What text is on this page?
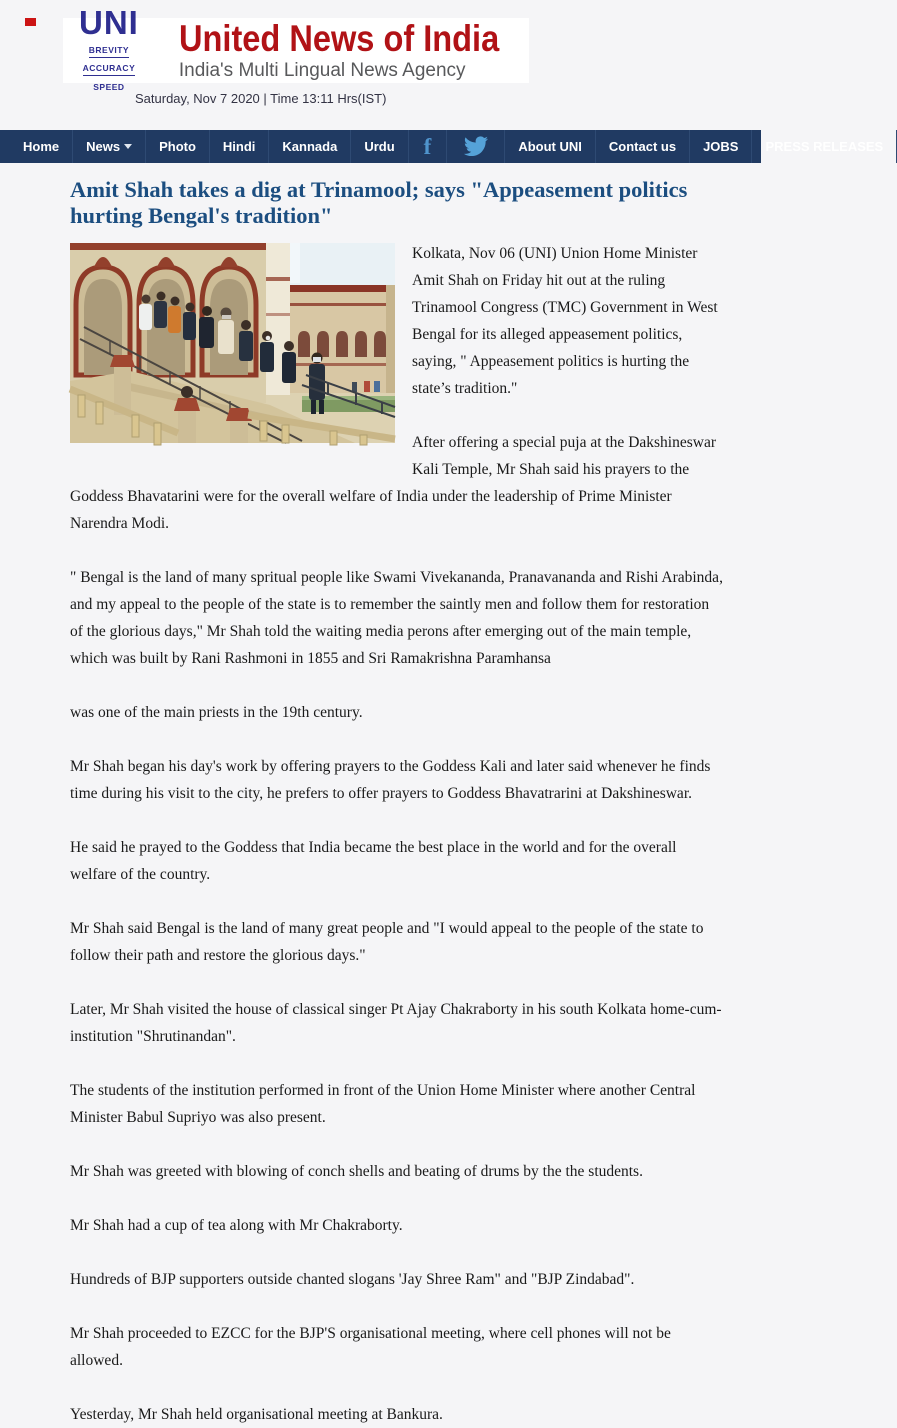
UNI
BREVITY
ACCURACY
SPEED
United News of India
India's Multi Lingual News Agency
Saturday, Nov 7 2020 | Time 13:11 Hrs(IST)
Home News	Photo Hindi Kannada Urdu f	About UNI Contact us JOBS PRESS RELEASES
Amit Shah takes a dig at Trinamool; says "Appeasement politics hurting Bengal's tradition"

Kolkata, Nov 06 (UNI) Union Home Minister Amit Shah on Friday hit out at the ruling Trinamool Congress (TMC) Government in West Bengal for its alleged appeasement politics, saying, " Appeasement politics is hurting the state’s tradition."

After offering a special puja at the Dakshineswar Kali Temple, Mr Shah said his prayers to the Goddess Bhavatarini were for the overall welfare of India under the leadership of Prime Minister Narendra Modi.

" Bengal is the land of many spritual people like Swami Vivekananda, Pranavananda and Rishi Arabinda, and my appeal to the people of the state is to remember the saintly men and follow them for restoration of the glorious days," Mr Shah told the waiting media perons after emerging out of the main temple, which was built by Rani Rashmoni in 1855 and Sri Ramakrishna Paramhansa

was one of the main priests in the 19th century.

Mr Shah began his day's work by offering prayers to the Goddess Kali and later said whenever he finds time during his visit to the city, he prefers to offer prayers to Goddess Bhavatrarini at Dakshineswar.

He said he prayed to the Goddess that India became the best place in the world and for the overall welfare of the country.

Mr Shah said Bengal is the land of many great people and "I would appeal to the people of the state to follow their path and restore the glorious days."

Later, Mr Shah visited the house of classical singer Pt Ajay Chakraborty in his south Kolkata home-cum-institution "Shrutinandan".

The students of the institution performed in front of the Union Home Minister where another Central Minister Babul Supriyo was also present.

Mr Shah was greeted with blowing of conch shells and beating of drums by the the students.

Mr Shah had a cup of tea along with Mr Chakraborty.

Hundreds of BJP supporters outside chanted slogans 'Jay Shree Ram" and "BJP Zindabad".

Mr Shah proceeded to EZCC for the BJP'S organisational meeting, where cell phones will not be allowed.

Yesterday, Mr Shah held organisational meeting at Bankura.
